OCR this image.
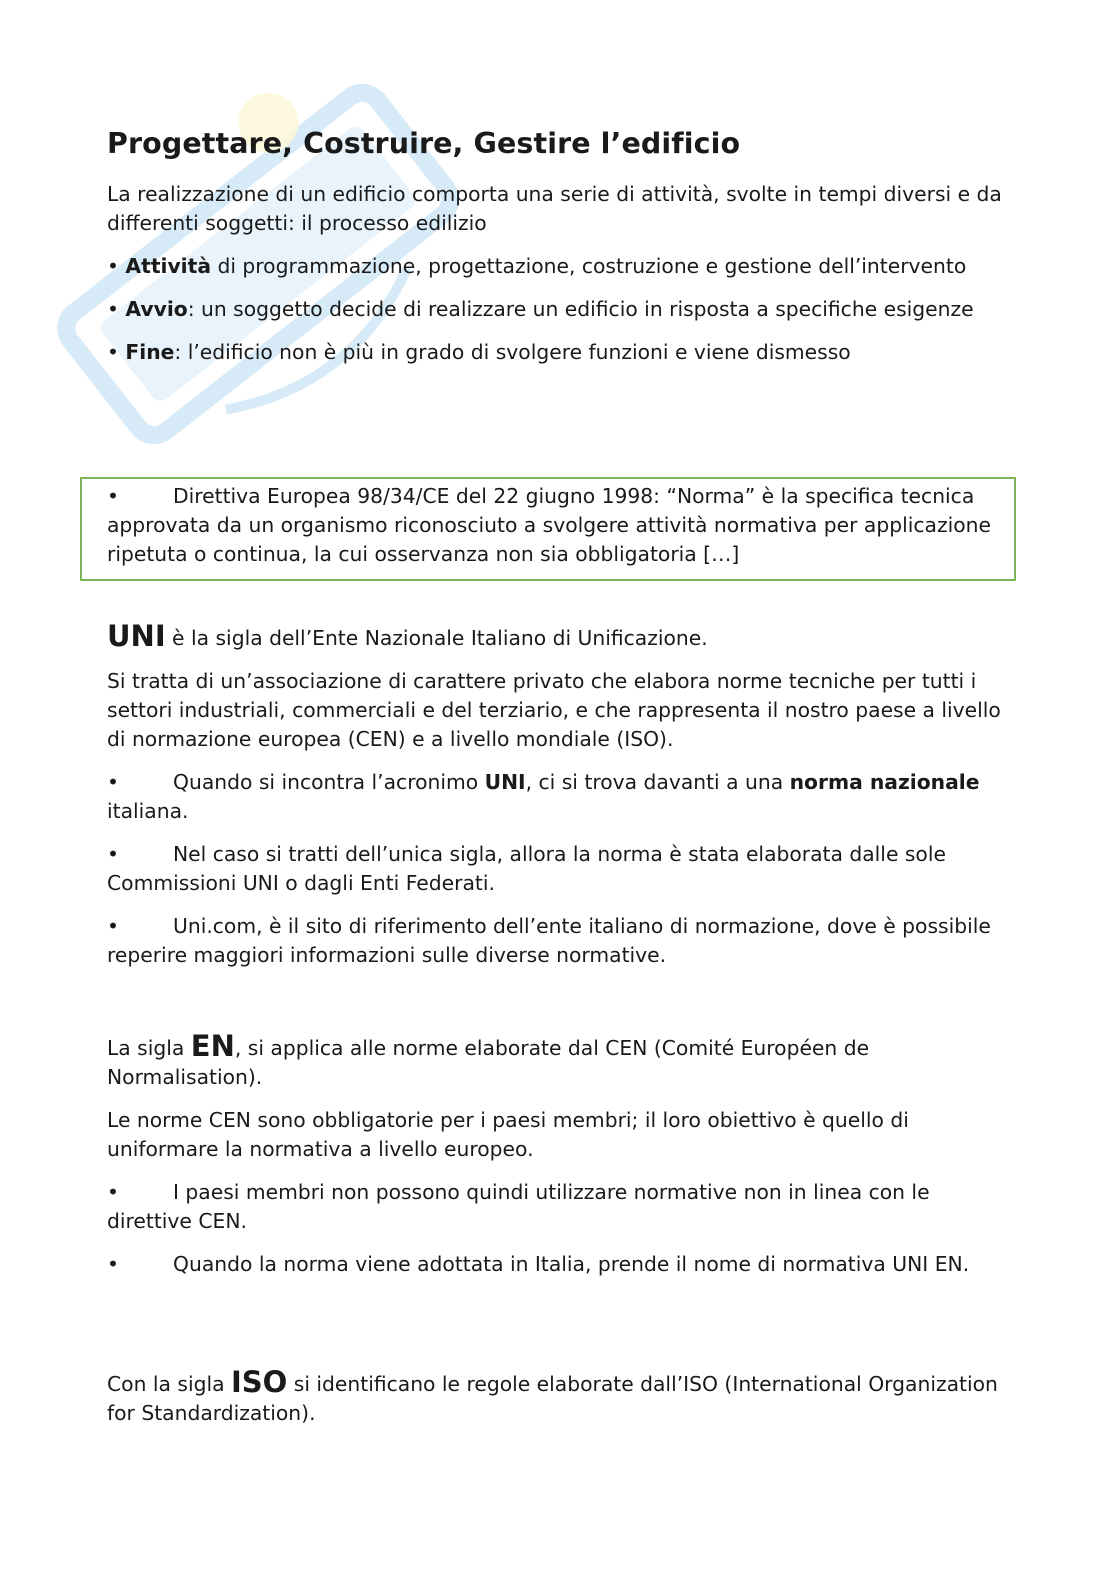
Progettare, Costruire, Gestire l’edificio

La realizzazione di un edificio comporta una serie di attività, svolte in tempi diversi e da differenti soggetti: il processo edilizio

• Attività di programmazione, progettazione, costruzione e gestione dell’intervento

• Avvio: un soggetto decide di realizzare un edificio in risposta a specifiche esigenze

• Fine: l’edificio non è più in grado di svolgere funzioni e viene dismesso

•	Direttiva Europea 98/34/CE del 22 giugno 1998: “Norma” è la specifica tecnica approvata da un organismo riconosciuto a svolgere attività normativa per applicazione ripetuta o continua, la cui osservanza non sia obbligatoria […]

UNI è la sigla dell’Ente Nazionale Italiano di Unificazione.

Si tratta di un’associazione di carattere privato che elabora norme tecniche per tutti i settori industriali, commerciali e del terziario, e che rappresenta il nostro paese a livello di normazione europea (CEN) e a livello mondiale (ISO).

•	Quando si incontra l’acronimo UNI, ci si trova davanti a una norma nazionale italiana.

•	Nel caso si tratti dell’unica sigla, allora la norma è stata elaborata dalle sole Commissioni UNI o dagli Enti Federati.

•	Uni.com, è il sito di riferimento dell’ente italiano di normazione, dove è possibile reperire maggiori informazioni sulle diverse normative.

La sigla EN, si applica alle norme elaborate dal CEN (Comité Européen de Normalisation).

Le norme CEN sono obbligatorie per i paesi membri; il loro obiettivo è quello di uniformare la normativa a livello europeo.

•	I paesi membri non possono quindi utilizzare normative non in linea con le direttive CEN.

•	Quando la norma viene adottata in Italia, prende il nome di normativa UNI EN.

Con la sigla ISO si identificano le regole elaborate dall’ISO (International Organization for Standardization).
